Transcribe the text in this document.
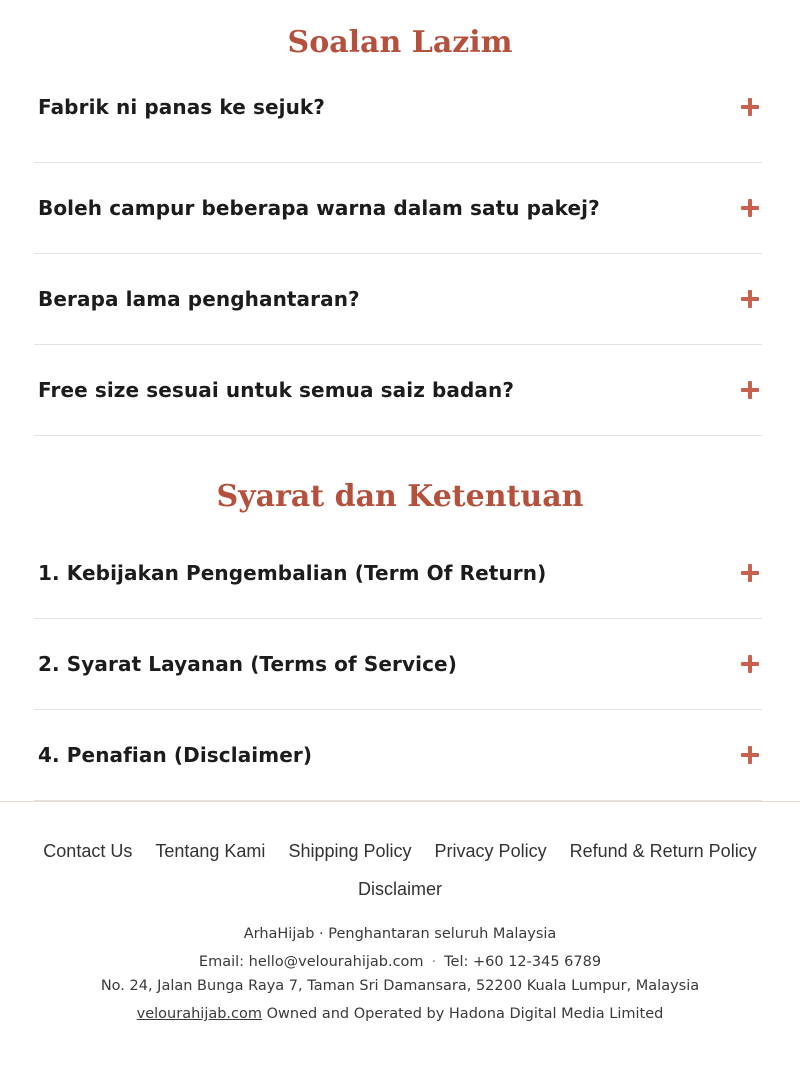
Soalan Lazim
Fabrik ni panas ke sejuk?
Boleh campur beberapa warna dalam satu pakej?
Berapa lama penghantaran?
Free size sesuai untuk semua saiz badan?
Syarat dan Ketentuan
1. Kebijakan Pengembalian (Term Of Return)
2. Syarat Layanan (Terms of Service)
4. Penafian (Disclaimer)
Contact Us Tentang Kami Shipping Policy Privacy Policy Refund & Return Policy Disclaimer

ArhaHijab · Penghantaran seluruh Malaysia

Email: hello@velourahijab.com · Tel: +60 12-345 6789

No. 24, Jalan Bunga Raya 7, Taman Sri Damansara, 52200 Kuala Lumpur, Malaysia

velourahijab.com Owned and Operated by Hadona Digital Media Limited
